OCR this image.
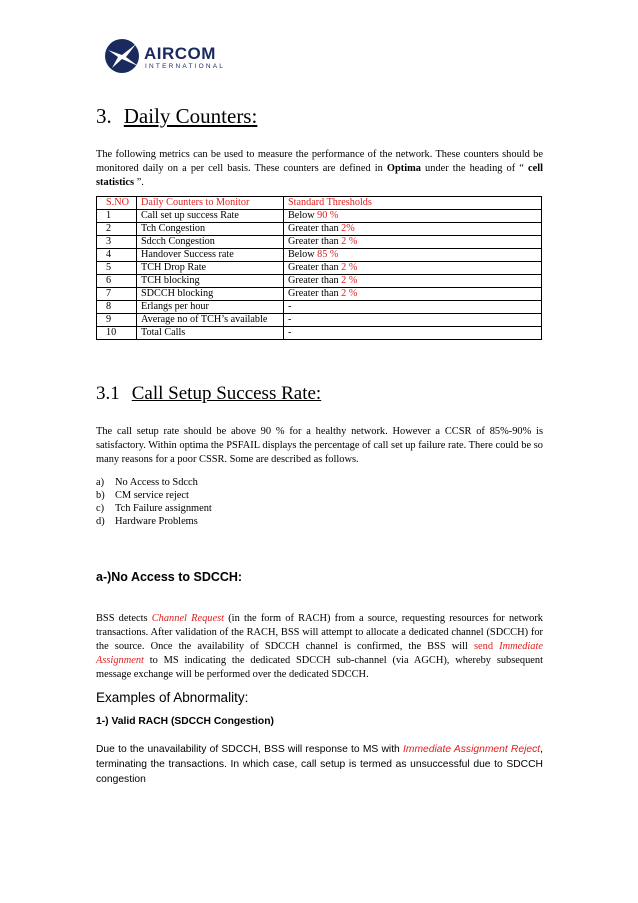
AIRCOM
INTERNATIONAL
3. Daily Counters:
The following metrics can be used to measure the performance of the network. These counters should be monitored daily on a per cell basis. These counters are defined in Optima under the heading of “ cell statistics ”.
S.NO	Daily Counters to Monitor	Standard Thresholds
1	Call set up success Rate	Below 90 %
2	Tch Congestion	Greater than 2%
3	Sdcch Congestion	Greater than 2 %
4	Handover Success rate	Below 85 %
5	TCH Drop Rate	Greater than 2 %
6	TCH blocking	Greater than 2 %
7	SDCCH blocking	Greater than 2 %
8	Erlangs per hour	-
9	Average no of TCH’s available	-
10	Total Calls	-
3.1 Call Setup Success Rate:
The call setup rate should be above 90 % for a healthy network. However a CCSR of 85%-90% is satisfactory. Within optima the PSFAIL displays the percentage of call set up failure rate. There could be so many reasons for a poor CSSR. Some are described as follows.
a)	No Access to Sdcch
b) CM service reject
c)	Tch Failure assignment
d) Hardware Problems
a-)No Access to SDCCH:
BSS detects Channel Request (in the form of RACH) from a source, requesting resources for network transactions. After validation of the RACH, BSS will attempt to allocate a dedicated channel (SDCCH) for the source. Once the availability of SDCCH channel is confirmed, the BSS will send Immediate Assignment to MS indicating the dedicated SDCCH sub-channel (via AGCH), whereby subsequent message exchange will be performed over the dedicated SDCCH.
Examples of Abnormality:
1-) Valid RACH (SDCCH Congestion)
Due to the unavailability of SDCCH, BSS will response to MS with Immediate Assignment Reject, terminating the transactions. In which case, call setup is termed as unsuccessful due to SDCCH congestion
